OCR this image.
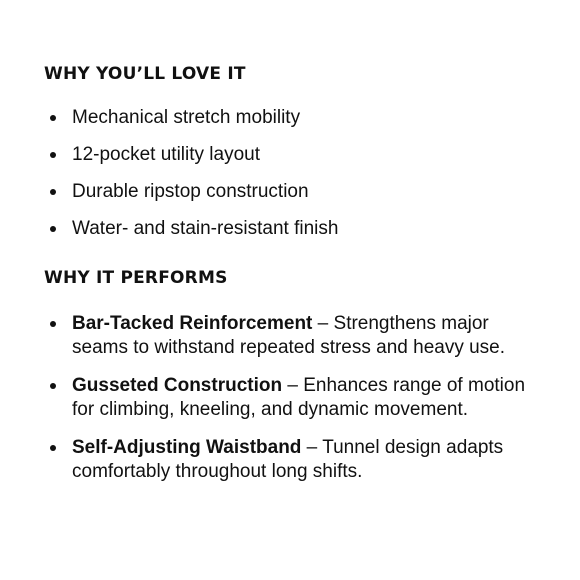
WHY YOU’LL LOVE IT
Mechanical stretch mobility
12-pocket utility layout
Durable ripstop construction
Water- and stain-resistant finish
WHY IT PERFORMS
Bar-Tacked Reinforcement – Strengthens major seams to withstand repeated stress and heavy use.
Gusseted Construction – Enhances range of motion for climbing, kneeling, and dynamic movement.
Self-Adjusting Waistband – Tunnel design adapts comfortably throughout long shifts.
